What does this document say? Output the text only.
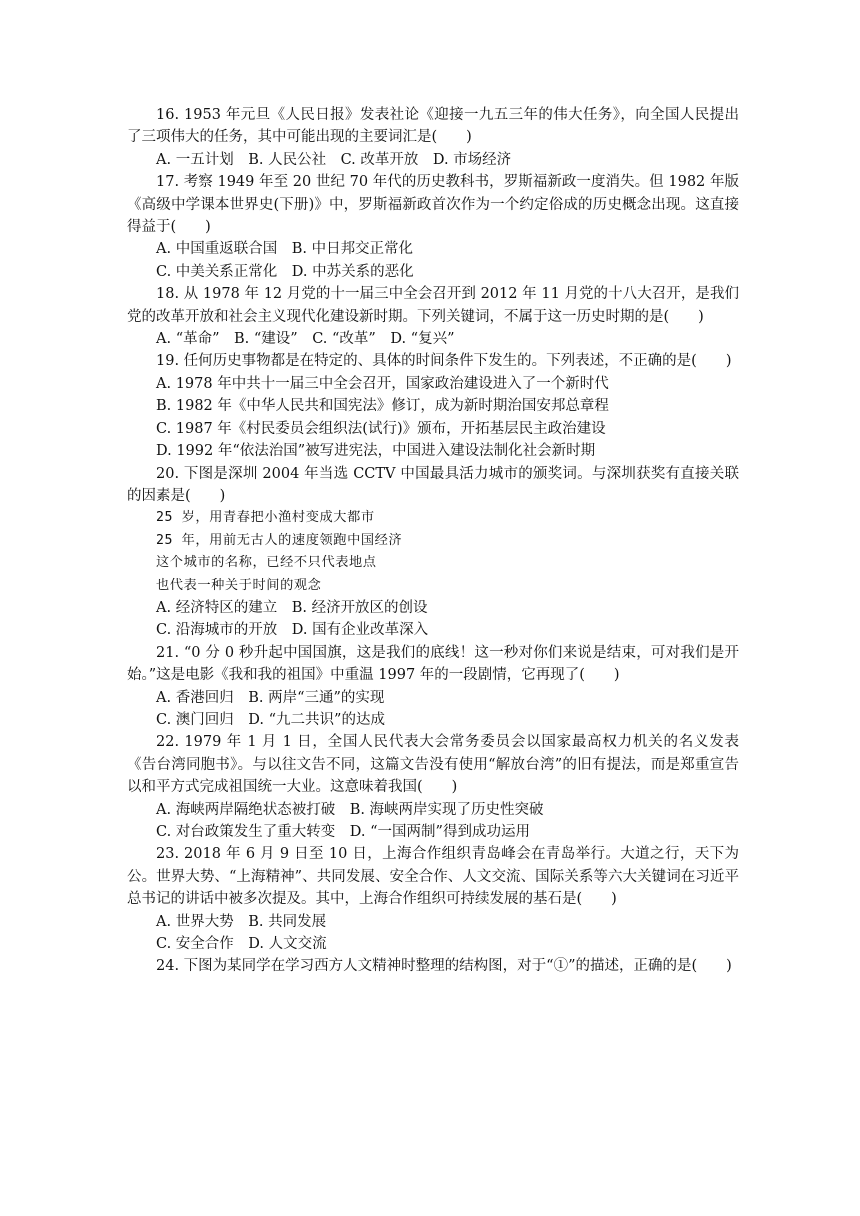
16. 1953 年元旦《人民日报》发表社论《迎接一九五三年的伟大任务》，向全国人民提出了三项伟大的任务，其中可能出现的主要词汇是(　　)

A. 一五计划　B. 人民公社　C. 改革开放　D. 市场经济

17. 考察 1949 年至 20 世纪 70 年代的历史教科书，罗斯福新政一度消失。但 1982 年版《高级中学课本世界史(下册)》中，罗斯福新政首次作为一个约定俗成的历史概念出现。这直接得益于(　　)

A. 中国重返联合国　B. 中日邦交正常化

C. 中美关系正常化　D. 中苏关系的恶化

18. 从 1978 年 12 月党的十一届三中全会召开到 2012 年 11 月党的十八大召开，是我们党的改革开放和社会主义现代化建设新时期。下列关键词，不属于这一历史时期的是(　　)

A. “革命”　B. “建设”　C. “改革”　D. “复兴”

19. 任何历史事物都是在特定的、具体的时间条件下发生的。下列表述，不正确的是(　　)

A. 1978 年中共十一届三中全会召开，国家政治建设进入了一个新时代

B. 1982 年《中华人民共和国宪法》修订，成为新时期治国安邦总章程

C. 1987 年《村民委员会组织法(试行)》颁布，开拓基层民主政治建设

D. 1992 年“依法治国”被写进宪法，中国进入建设法制化社会新时期

20. 下图是深圳 2004 年当选 CCTV 中国最具活力城市的颁奖词。与深圳获奖有直接关联的因素是(　　)

25 岁，用青春把小渔村变成大都市

25 年，用前无古人的速度领跑中国经济

这个城市的名称，已经不只代表地点

也代表一种关于时间的观念

A. 经济特区的建立　B. 经济开放区的创设

C. 沿海城市的开放　D. 国有企业改革深入

21. “0 分 0 秒升起中国国旗，这是我们的底线！这一秒对你们来说是结束，可对我们是开始。”这是电影《我和我的祖国》中重温 1997 年的一段剧情，它再现了(　　)

A. 香港回归　B. 两岸“三通”的实现

C. 澳门回归　D. “九二共识”的达成

22. 1979 年 1 月 1 日，全国人民代表大会常务委员会以国家最高权力机关的名义发表《告台湾同胞书》。与以往文告不同，这篇文告没有使用“解放台湾”的旧有提法，而是郑重宣告以和平方式完成祖国统一大业。这意味着我国(　　)

A. 海峡两岸隔绝状态被打破　B. 海峡两岸实现了历史性突破

C. 对台政策发生了重大转变　D. “一国两制”得到成功运用

23. 2018 年 6 月 9 日至 10 日，上海合作组织青岛峰会在青岛举行。大道之行，天下为公。世界大势、“上海精神”、共同发展、安全合作、人文交流、国际关系等六大关键词在习近平总书记的讲话中被多次提及。其中，上海合作组织可持续发展的基石是(　　)

A. 世界大势　B. 共同发展

C. 安全合作　D. 人文交流

24. 下图为某同学在学习西方人文精神时整理的结构图，对于“①”的描述，正确的是(　　)
